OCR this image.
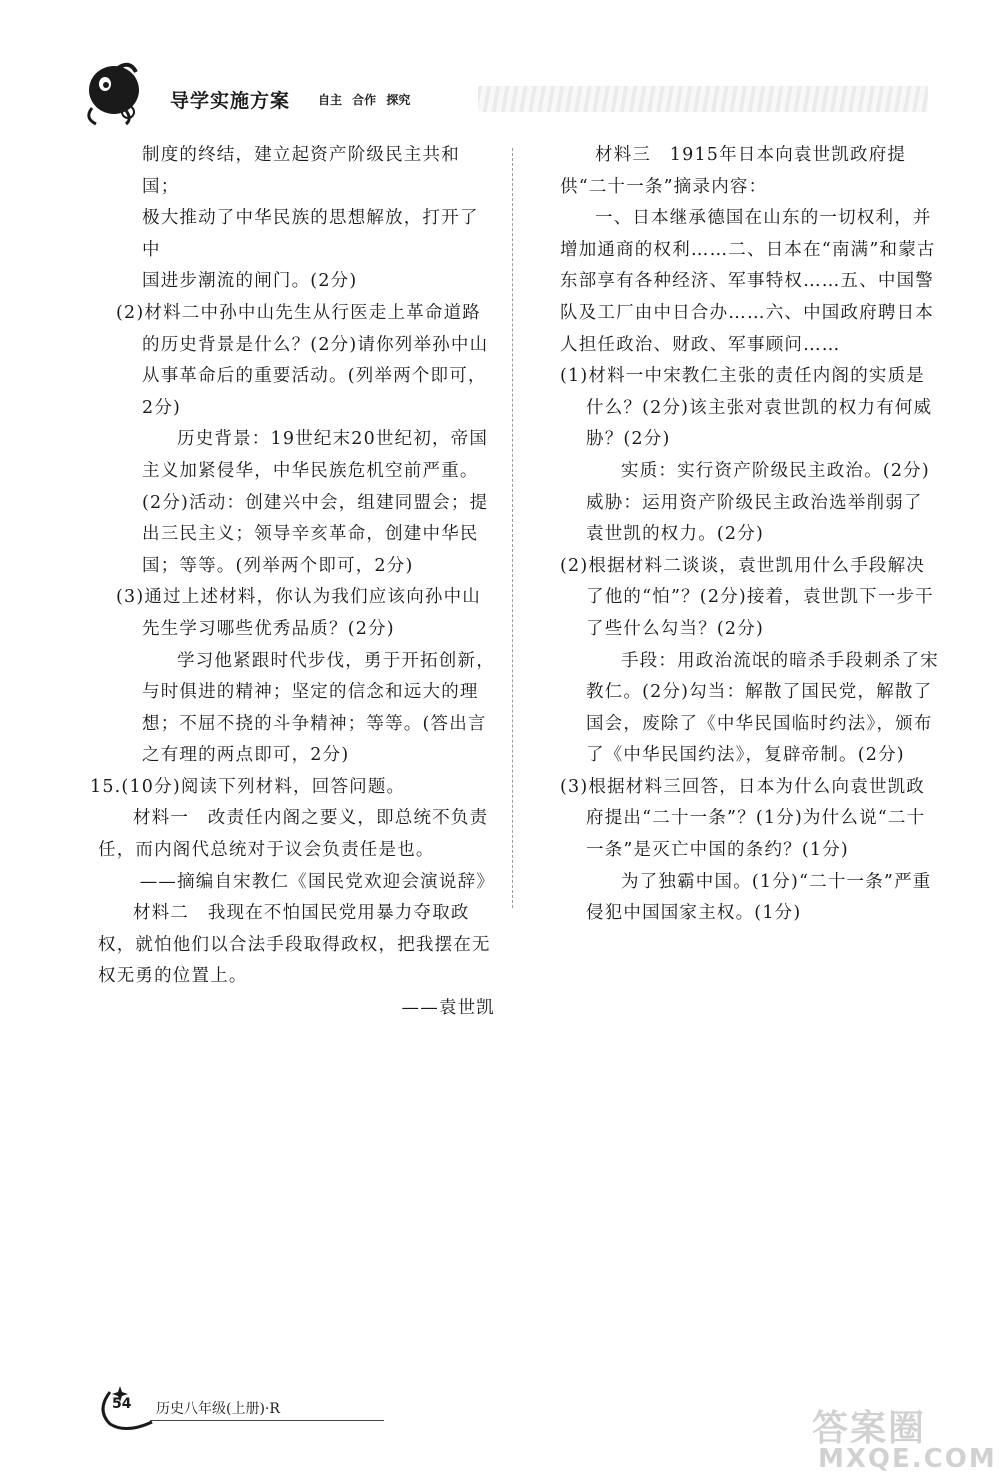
导学实施方案 自主 合作 探究

制度的终结，建立起资产阶级民主共和国；

极大推动了中华民族的思想解放，打开了中

国进步潮流的闸门。(2分)

(2)材料二中孙中山先生从行医走上革命道路的历史背景是什么？(2分)请你列举孙中山从事革命后的重要活动。(列举两个即可，2分)

历史背景：19世纪末20世纪初，帝国主义加紧侵华，中华民族危机空前严重。(2分)活动：创建兴中会，组建同盟会；提出三民主义；领导辛亥革命，创建中华民国；等等。(列举两个即可，2分)

(3)通过上述材料，你认为我们应该向孙中山先生学习哪些优秀品质？(2分)

学习他紧跟时代步伐，勇于开拓创新，与时俱进的精神；坚定的信念和远大的理想；不屈不挠的斗争精神；等等。(答出言之有理的两点即可，2分)

15.(10分)阅读下列材料，回答问题。

材料一　改责任内阁之要义，即总统不负责任，而内阁代总统对于议会负责任是也。

——摘编自宋教仁《国民党欢迎会演说辞》

材料二　我现在不怕国民党用暴力夺取政权，就怕他们以合法手段取得政权，把我摆在无权无勇的位置上。

——袁世凯

材料三　1915年日本向袁世凯政府提供“二十一条”摘录内容：

一、日本继承德国在山东的一切权利，并增加通商的权利……二、日本在“南满”和蒙古东部享有各种经济、军事特权……五、中国警队及工厂由中日合办……六、中国政府聘日本人担任政治、财政、军事顾问……

(1)材料一中宋教仁主张的责任内阁的实质是什么？(2分)该主张对袁世凯的权力有何威胁？(2分)

实质：实行资产阶级民主政治。(2分)

威胁：运用资产阶级民主政治选举削弱了袁世凯的权力。(2分)

(2)根据材料二谈谈，袁世凯用什么手段解决了他的“怕”？(2分)接着，袁世凯下一步干了些什么勾当？(2分)

手段：用政治流氓的暗杀手段刺杀了宋教仁。(2分)勾当：解散了国民党，解散了国会，废除了《中华民国临时约法》，颁布了《中华民国约法》，复辟帝制。(2分)

(3)根据材料三回答，日本为什么向袁世凯政府提出“二十一条”？(1分)为什么说“二十一条”是灭亡中国的条约？(1分)

为了独霸中国。(1分)“二十一条”严重侵犯中国国家主权。(1分)

54 历史八年级(上册)·R	答案圈
MXQE.COM
